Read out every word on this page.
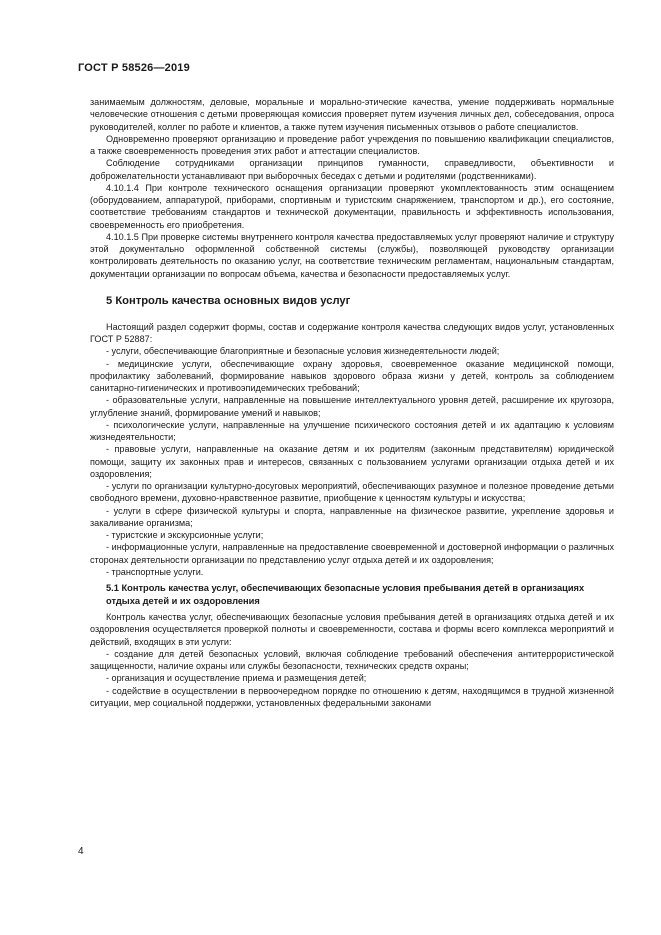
ГОСТ Р 58526—2019

занимаемым должностям, деловые, моральные и морально-этические качества, умение поддерживать нормальные человеческие отношения с детьми проверяющая комиссия проверяет путем изучения личных дел, собеседования, опроса руководителей, коллег по работе и клиентов, а также путем изучения письменных отзывов о работе специалистов.

Одновременно проверяют организацию и проведение работ учреждения по повышению квалификации специалистов, а также своевременность проведения этих работ и аттестации специалистов.

Соблюдение сотрудниками организации принципов гуманности, справедливости, объективности и доброжелательности устанавливают при выборочных беседах с детьми и родителями (родственниками).

4.10.1.4 При контроле технического оснащения организации проверяют укомплектованность этим оснащением (оборудованием, аппаратурой, приборами, спортивным и туристским снаряжением, транспортом и др.), его состояние, соответствие требованиям стандартов и технической документации, правильность и эффективность использования, своевременность его приобретения.

4.10.1.5 При проверке системы внутреннего контроля качества предоставляемых услуг проверяют наличие и структуру этой документально оформленной собственной системы (службы), позволяющей руководству организации контролировать деятельность по оказанию услуг, на соответствие техническим регламентам, национальным стандартам, документации организации по вопросам объема, качества и безопасности предоставляемых услуг.

5 Контроль качества основных видов услуг

Настоящий раздел содержит формы, состав и содержание контроля качества следующих видов услуг, установленных ГОСТ Р 52887:

- услуги, обеспечивающие благоприятные и безопасные условия жизнедеятельности людей;

- медицинские услуги, обеспечивающие охрану здоровья, своевременное оказание медицинской помощи, профилактику заболеваний, формирование навыков здорового образа жизни у детей, контроль за соблюдением санитарно-гигиенических и противоэпидемических требований;

- образовательные услуги, направленные на повышение интеллектуального уровня детей, расширение их кругозора, углубление знаний, формирование умений и навыков;

- психологические услуги, направленные на улучшение психического состояния детей и их адаптацию к условиям жизнедеятельности;

- правовые услуги, направленные на оказание детям и их родителям (законным представителям) юридической помощи, защиту их законных прав и интересов, связанных с пользованием услугами организации отдыха детей и их оздоровления;

- услуги по организации культурно-досуговых мероприятий, обеспечивающих разумное и полезное проведение детьми свободного времени, духовно-нравственное развитие, приобщение к ценностям культуры и искусства;

- услуги в сфере физической культуры и спорта, направленные на физическое развитие, укрепление здоровья и закаливание организма;

- туристские и экскурсионные услуги;

- информационные услуги, направленные на предоставление своевременной и достоверной информации о различных сторонах деятельности организации по представлению услуг отдыха детей и их оздоровления;

- транспортные услуги.

5.1 Контроль качества услуг, обеспечивающих безопасные условия пребывания детей в организациях отдыха детей и их оздоровления

Контроль качества услуг, обеспечивающих безопасные условия пребывания детей в организациях отдыха детей и их оздоровления осуществляется проверкой полноты и своевременности, состава и формы всего комплекса мероприятий и действий, входящих в эти услуги:

- создание для детей безопасных условий, включая соблюдение требований обеспечения антитеррористической защищенности, наличие охраны или службы безопасности, технических средств охраны;

- организация и осуществление приема и размещения детей;

- содействие в осуществлении в первоочередном порядке по отношению к детям, находящимся в трудной жизненной ситуации, мер социальной поддержки, установленных федеральными законами

4
